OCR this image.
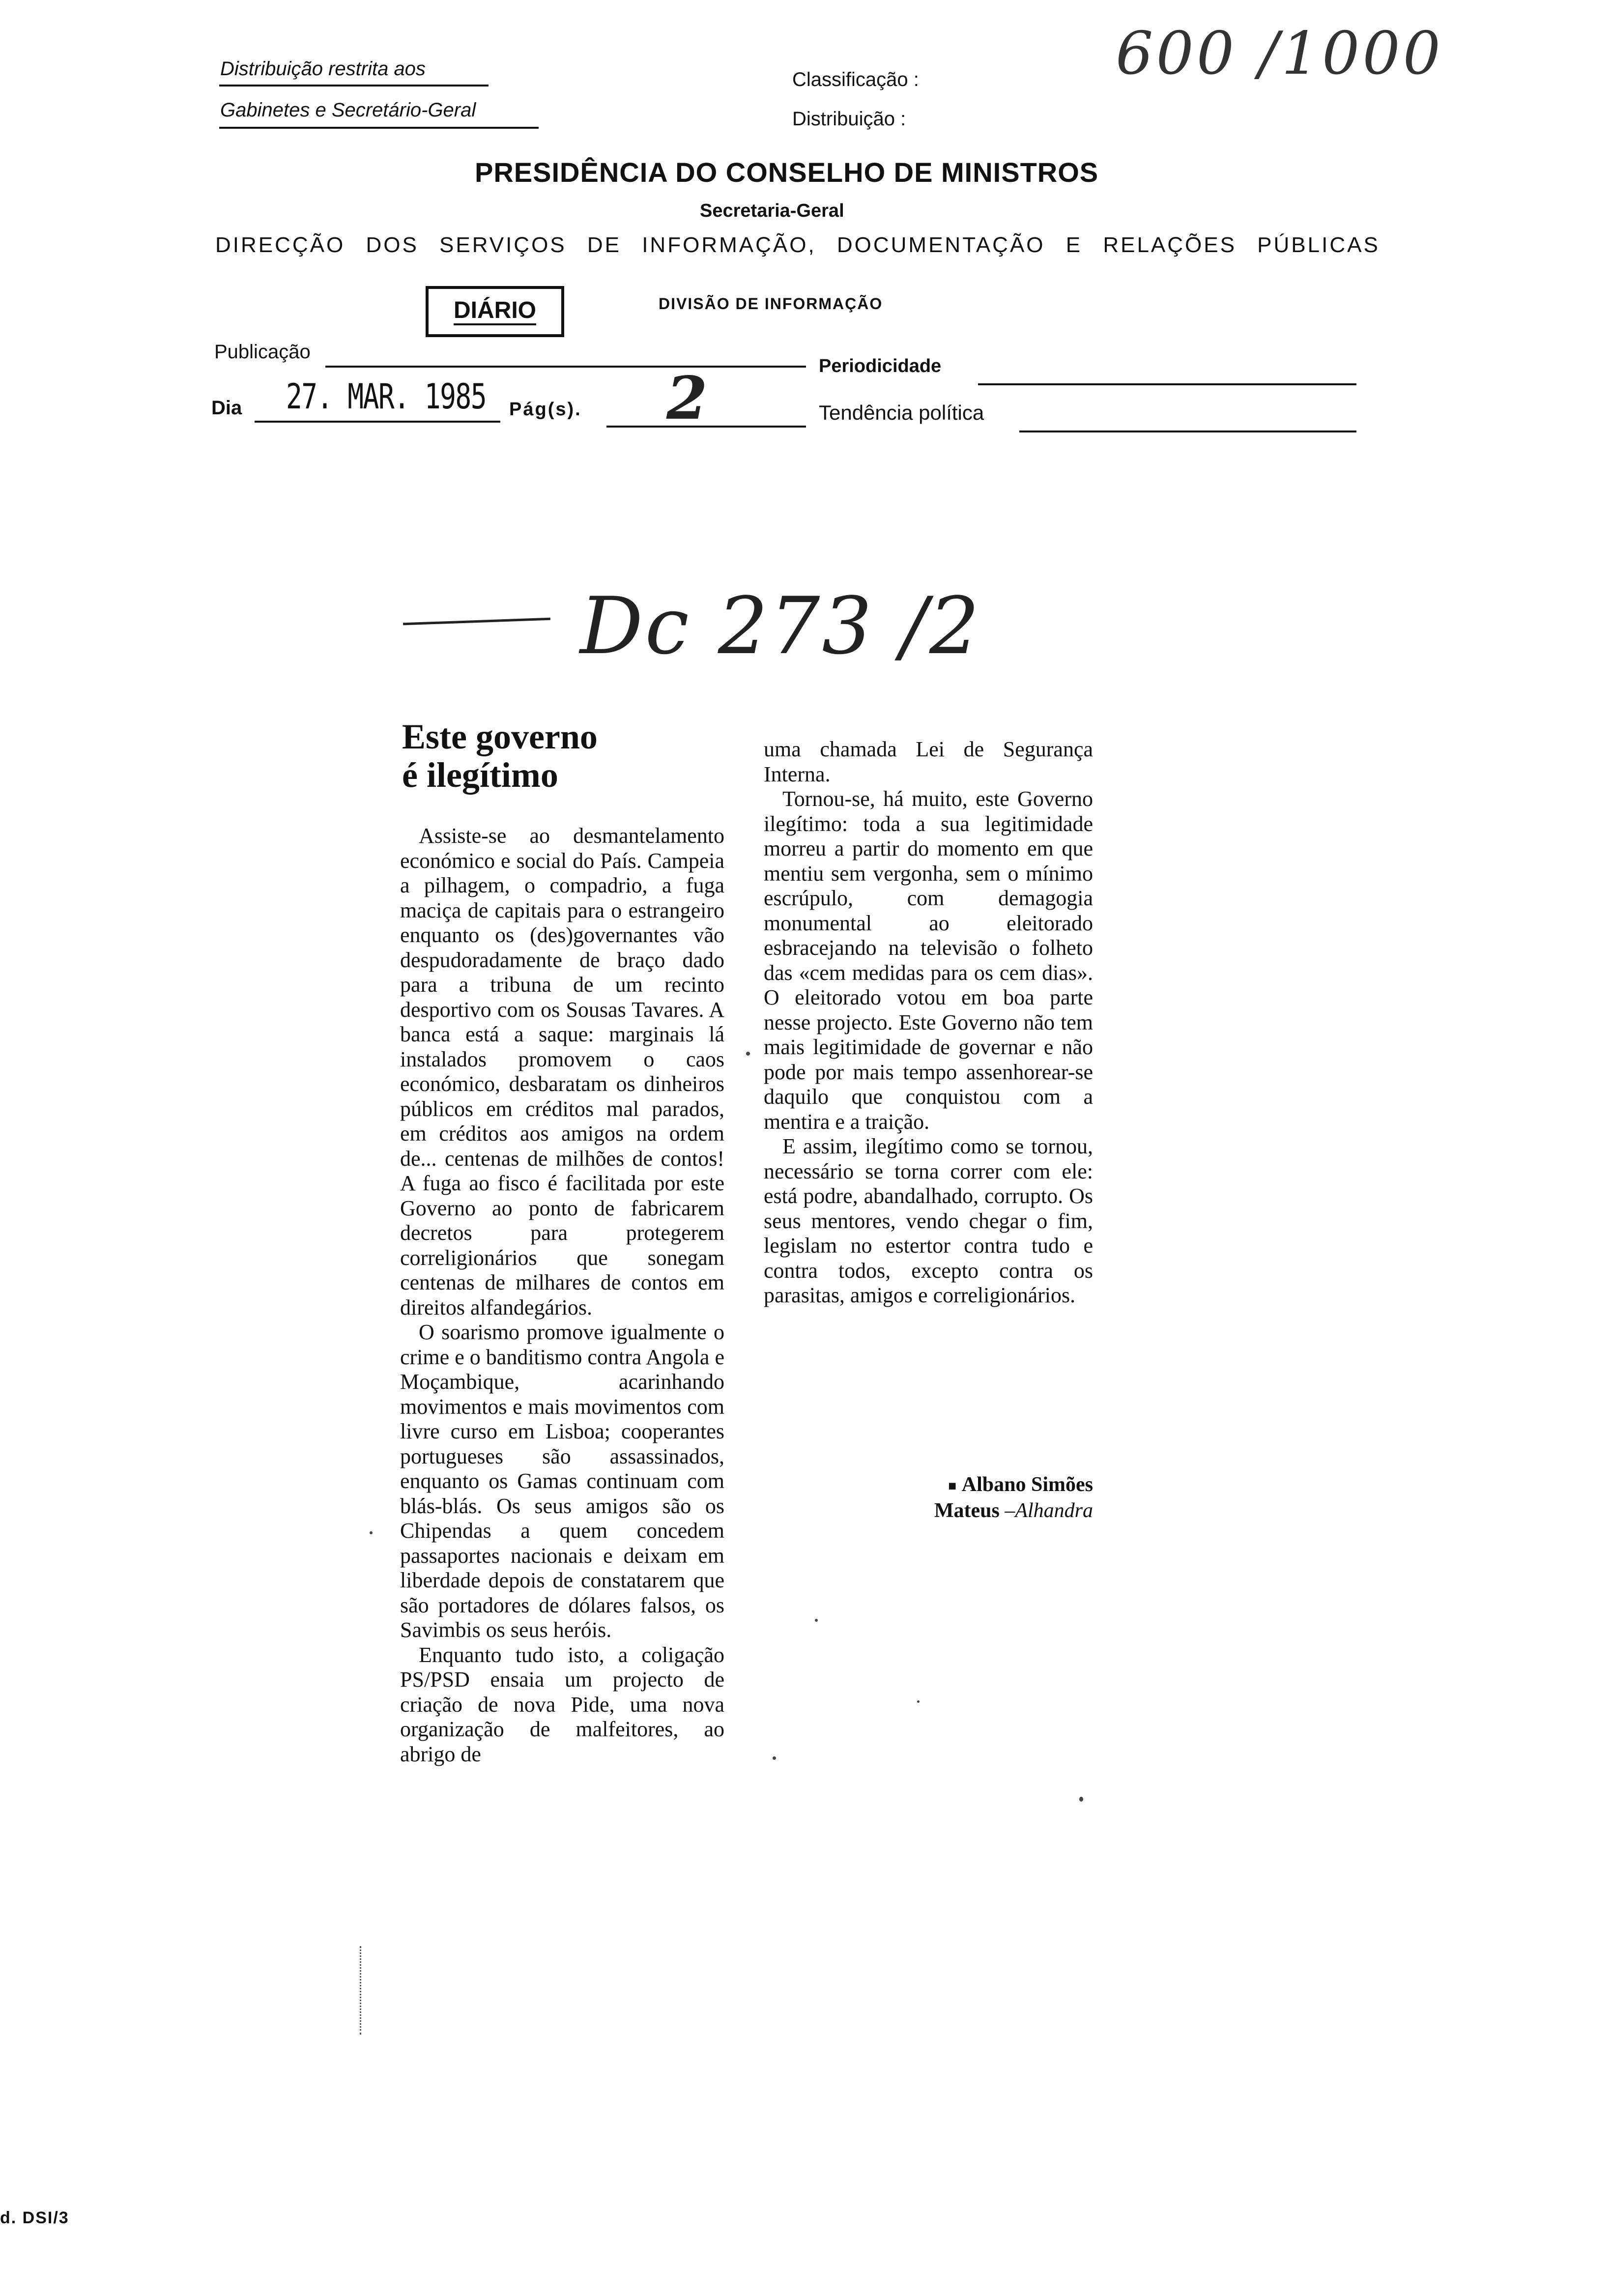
Distribuição restrita aos
Gabinetes e Secretário-Geral
Classificação :
Distribuição :
600 /1000
PRESIDÊNCIA DO CONSELHO DE MINISTROS
Secretaria-Geral
DIRECÇÃO DOS SERVIÇOS DE INFORMAÇÃO, DOCUMENTAÇÃO E RELAÇÕES PÚBLICAS
DIÁRIO	DIVISÃO DE INFORMAÇÃO
Publicação
Periodicidade
Dia 27. MAR. 1985 Pág(s). 2	Tendência política
Dc 273 /2
Este governo
é ilegítimo

Assiste-se ao desmantelamento económico e social do País. Campeia a pilhagem, o compadrio, a fuga maciça de capitais para o estrangeiro enquanto os (des)governantes vão despudoradamente de braço dado para a tribuna de um recinto desportivo com os Sousas Tavares. A banca está a saque: marginais lá instalados promovem o caos económico, desbaratam os dinheiros públicos em créditos mal parados, em créditos aos amigos na ordem de... centenas de milhões de contos! A fuga ao fisco é facilitada por este Governo ao ponto de fabricarem decretos para protegerem correligionários que sonegam centenas de milhares de contos em direitos alfandegários.

O soarismo promove igualmente o crime e o banditismo contra Angola e Moçambique, acarinhando movimentos e mais movimentos com livre curso em Lisboa; cooperantes portugueses são assassinados, enquanto os Gamas continuam com blás-blás. Os seus amigos são os Chipendas a quem concedem passaportes nacionais e deixam em liberdade depois de constatarem que são portadores de dólares falsos, os Savimbis os seus heróis.

Enquanto tudo isto, a coligação PS/PSD ensaia um projecto de criação de nova Pide, uma nova organização de malfeitores, ao abrigo de

uma chamada Lei de Segurança Interna.

Tornou-se, há muito, este Governo ilegítimo: toda a sua legitimidade morreu a partir do momento em que mentiu sem vergonha, sem o mínimo escrúpulo, com demagogia monumental ao eleitorado esbracejando na televisão o folheto das «cem medidas para os cem dias». O eleitorado votou em boa parte nesse projecto. Este Governo não tem mais legitimidade de governar e não pode por mais tempo assenhorear-se daquilo que conquistou com a mentira e a traição.

E assim, ilegítimo como se tornou, necessário se torna correr com ele: está podre, abandalhado, corrupto. Os seus mentores, vendo chegar o fim, legislam no estertor contra tudo e contra todos, excepto contra os parasitas, amigos e correligionários.

■ Albano Simões
Mateus –Alhandra
d. DSI/3
